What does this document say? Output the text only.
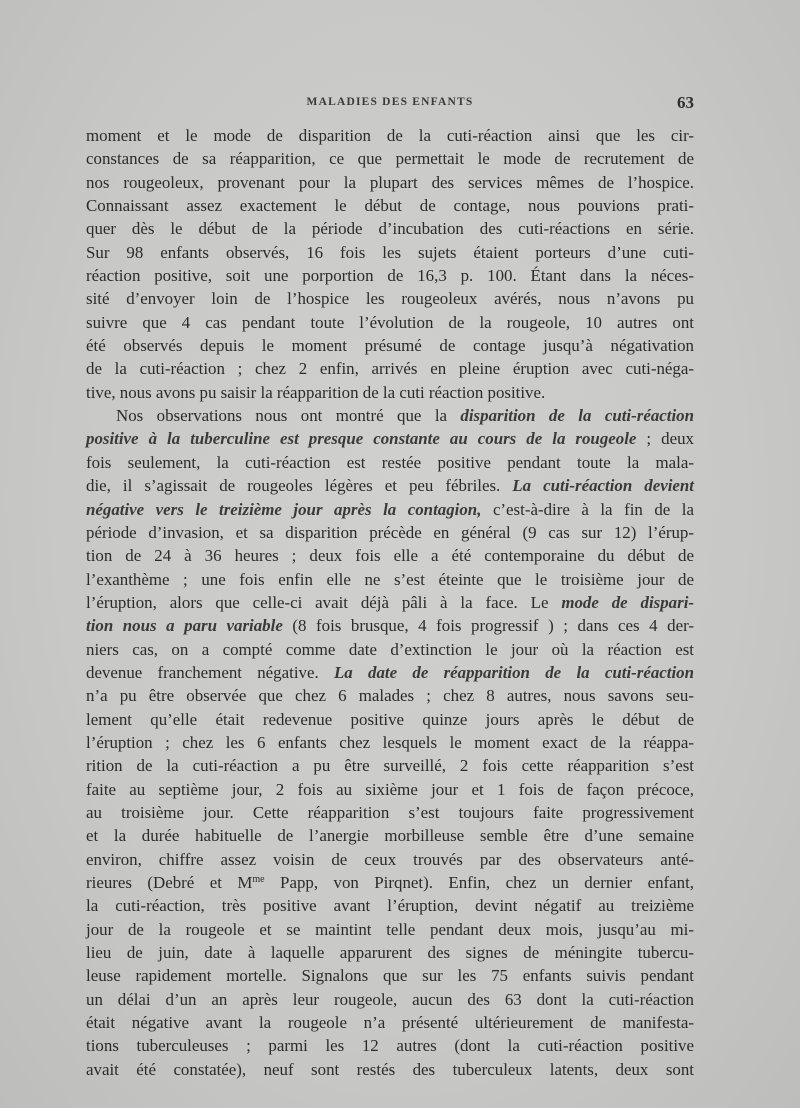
MALADIES DES ENFANTS	63
moment et le mode de disparition de la cuti-réaction ainsi que les cir-
constances de sa réapparition, ce que permettait le mode de recrutement de
nos rougeoleux, provenant pour la plupart des services mêmes de l’hospice.
Connaissant assez exactement le début de contage, nous pouvions prati-
quer dès le début de la période d’incubation des cuti-réactions en série.
Sur 98 enfants observés, 16 fois les sujets étaient porteurs d’une cuti-
réaction positive, soit une porportion de 16,3 p. 100. Étant dans la néces-
sité d’envoyer loin de l’hospice les rougeoleux avérés, nous n’avons pu
suivre que 4 cas pendant toute l’évolution de la rougeole, 10 autres ont
été observés depuis le moment présumé de contage jusqu’à négativation
de la cuti-réaction ; chez 2 enfin, arrivés en pleine éruption avec cuti-néga-
tive, nous avons pu saisir la réapparition de la cuti réaction positive.
Nos observations nous ont montré que la disparition de la cuti-réaction
positive à la tuberculine est presque constante au cours de la rougeole ; deux
fois seulement, la cuti-réaction est restée positive pendant toute la mala-
die, il s’agissait de rougeoles légères et peu fébriles. La cuti-réaction devient
négative vers le treizième jour après la contagion, c’est-à-dire à la fin de la
période d’invasion, et sa disparition précède en général (9 cas sur 12) l’érup-
tion de 24 à 36 heures ; deux fois elle a été contemporaine du début de
l’exanthème ; une fois enfin elle ne s’est éteinte que le troisième jour de
l’éruption, alors que celle-ci avait déjà pâli à la face. Le mode de dispari-
tion nous a paru variable (8 fois brusque, 4 fois progressif ) ; dans ces 4 der-
niers cas, on a compté comme date d’extinction le jour où la réaction est
devenue franchement négative. La date de réapparition de la cuti-réaction
n’a pu être observée que chez 6 malades ; chez 8 autres, nous savons seu-
lement qu’elle était redevenue positive quinze jours après le début de
l’éruption ; chez les 6 enfants chez lesquels le moment exact de la réappa-
rition de la cuti-réaction a pu être surveillé, 2 fois cette réapparition s’est
faite au septième jour, 2 fois au sixième jour et 1 fois de façon précoce,
au troisième jour. Cette réapparition s’est toujours faite progressivement
et la durée habituelle de l’anergie morbilleuse semble être d’une semaine
environ, chiffre assez voisin de ceux trouvés par des observateurs anté-
rieures (Debré et $M^{me}$ Papp, von Pirqnet). Enfin, chez un dernier enfant,
la cuti-réaction, très positive avant l’éruption, devint négatif au treizième
jour de la rougeole et se maintint telle pendant deux mois, jusqu’au mi-
lieu de juin, date à laquelle apparurent des signes de méningite tubercu-
leuse rapidement mortelle. Signalons que sur les 75 enfants suivis pendant
un délai d’un an après leur rougeole, aucun des 63 dont la cuti-réaction
était négative avant la rougeole n’a présenté ultérieurement de manifesta-
tions tuberculeuses ; parmi les 12 autres (dont la cuti-réaction positive
avait été constatée), neuf sont restés des tuberculeux latents, deux sont
